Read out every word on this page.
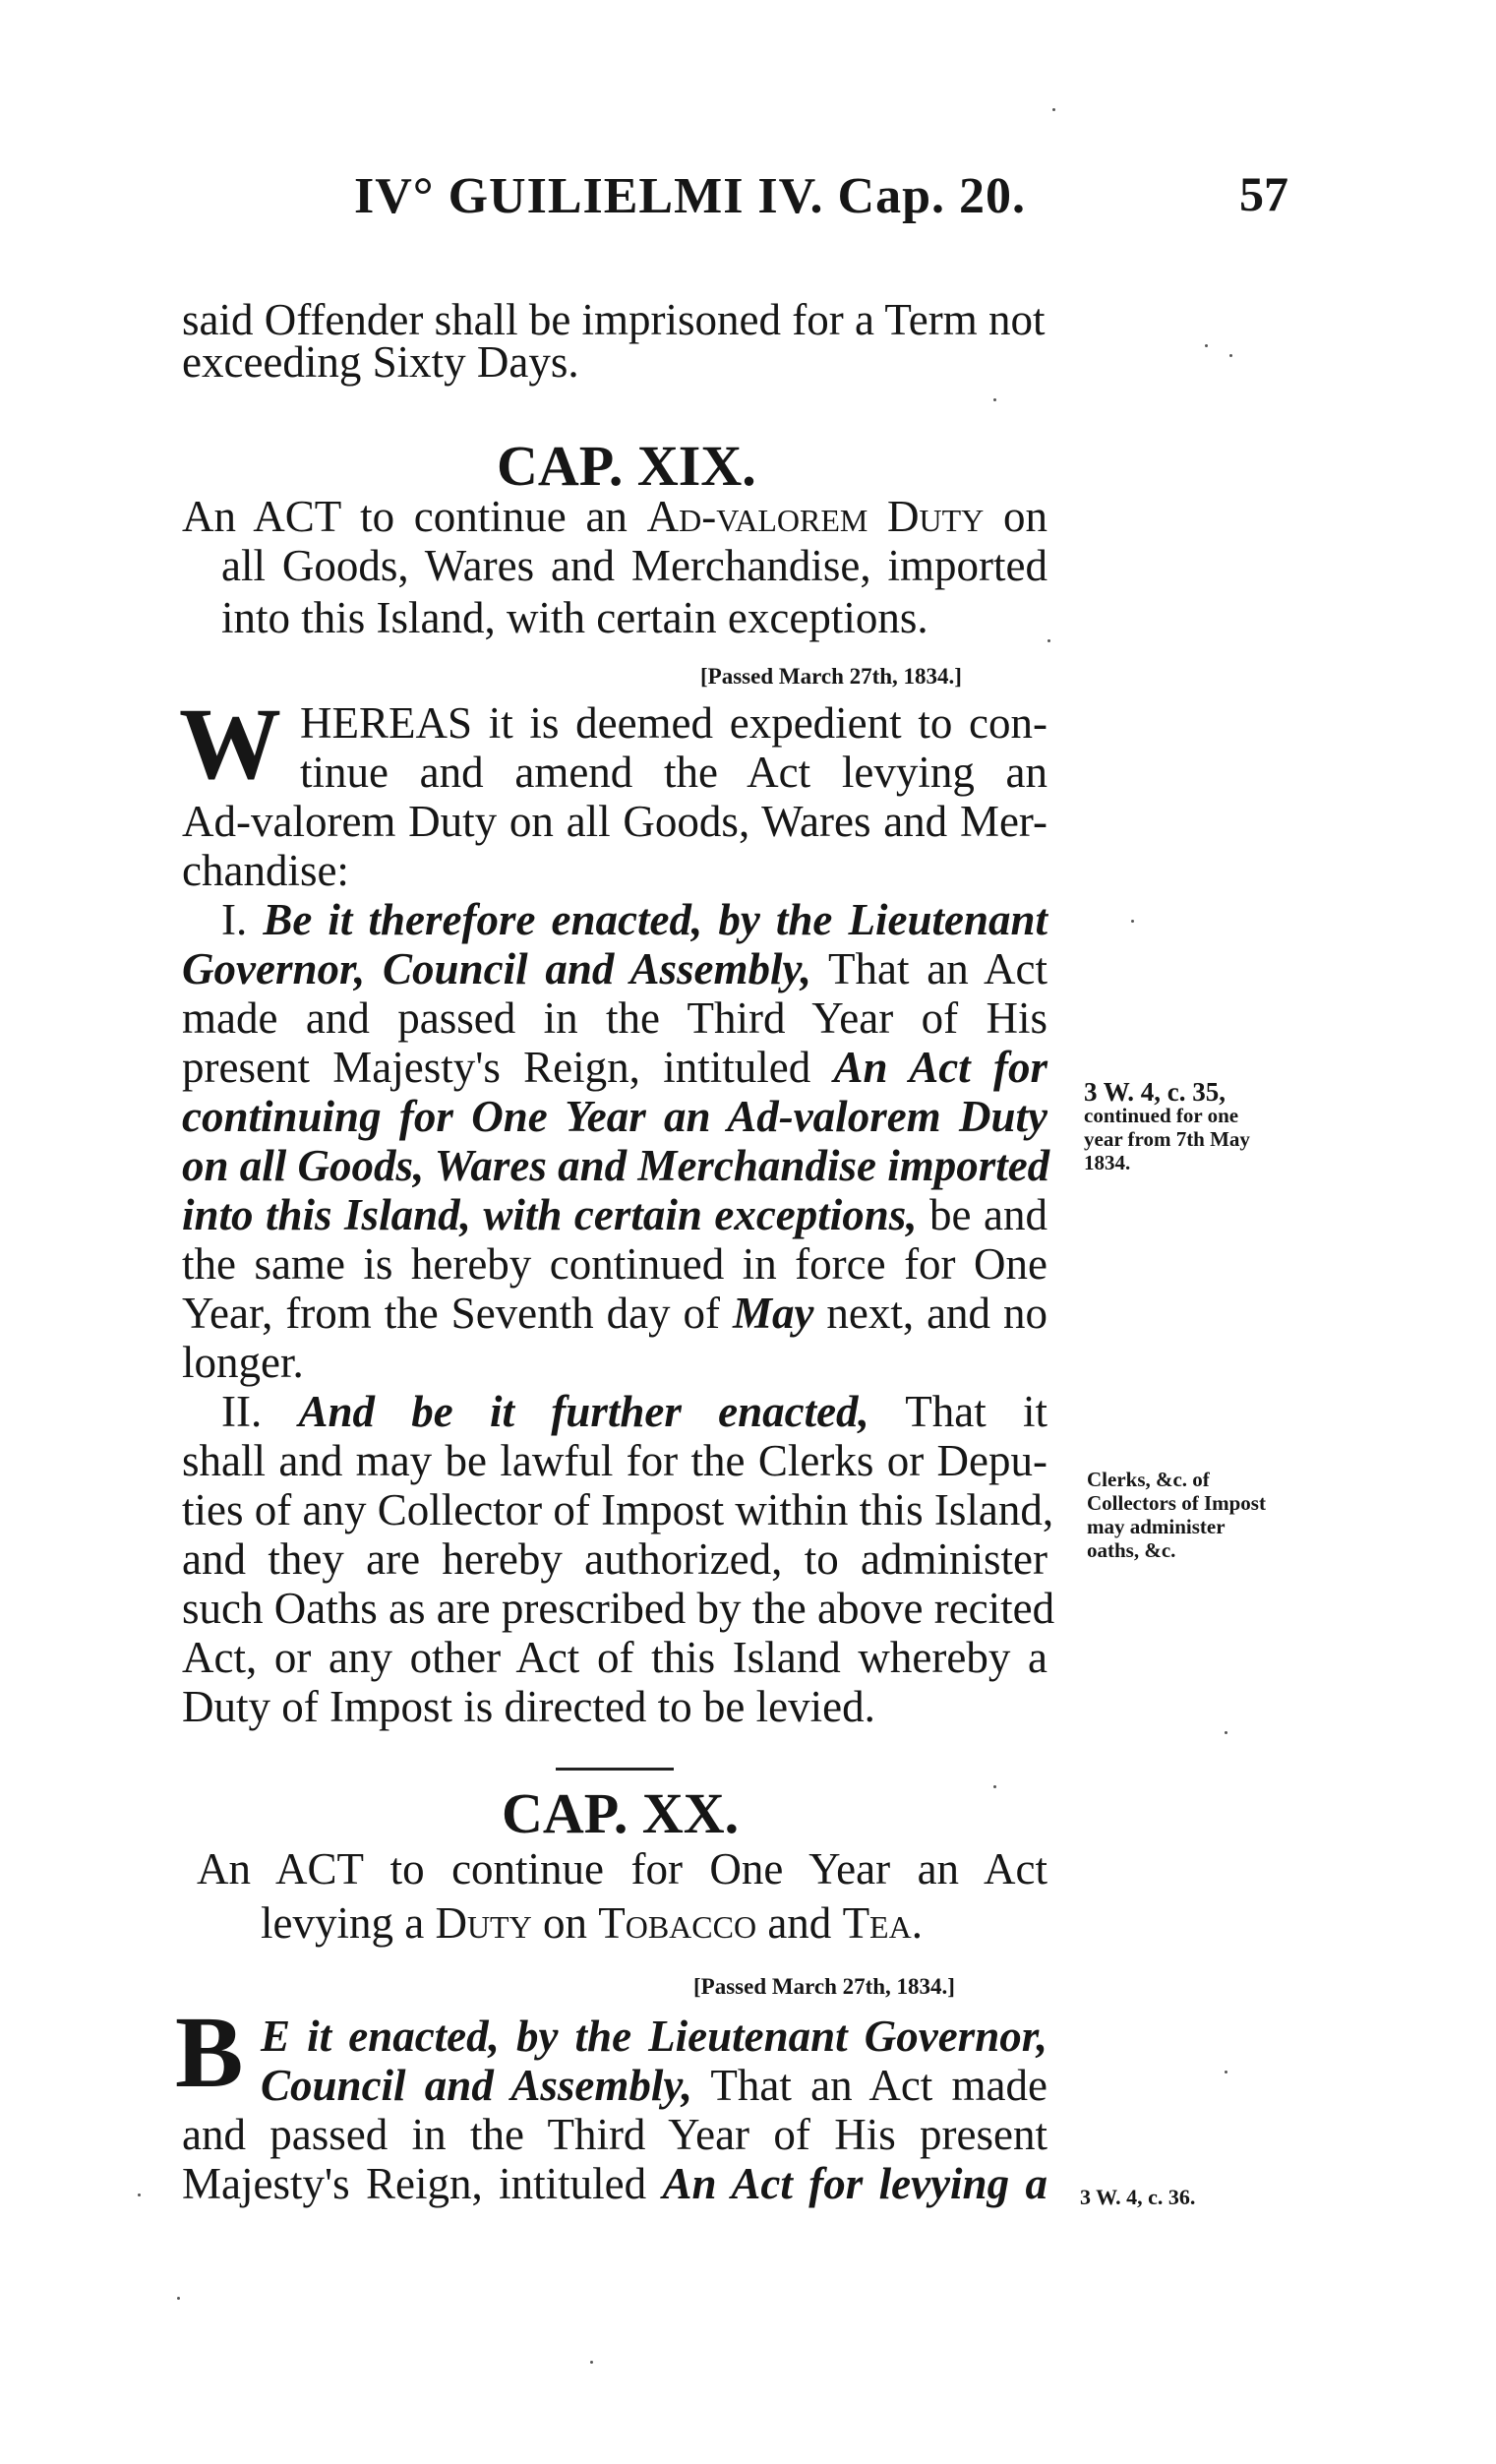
IV° GUILIELMI IV. Cap. 20.	57
said Offender shall be imprisoned for a Term not
exceeding Sixty Days.
CAP. XIX.
An ACT to continue an Ad-valorem Duty on
all Goods, Wares and Merchandise, imported
into this Island, with certain exceptions.
[Passed March 27th, 1834.]
W HEREAS it is deemed expedient to con-
tinue and amend the Act levying an
Ad-valorem Duty on all Goods, Wares and Mer-
chandise:
I. Be it therefore enacted, by the Lieutenant
Governor, Council and Assembly, That an Act
made and passed in the Third Year of His
present Majesty's Reign, intituled An Act for
continuing for One Year an Ad-valorem Duty
on all Goods, Wares and Merchandise imported
into this Island, with certain exceptions, be and
the same is hereby continued in force for One
Year, from the Seventh day of May next, and no
longer.
3 W. 4, c. 35,
continued for one
year from 7th May
1834.
II. And be it further enacted, That it
shall and may be lawful for the Clerks or Depu-
ties of any Collector of Impost within this Island,
and they are hereby authorized, to administer
such Oaths as are prescribed by the above recited
Act, or any other Act of this Island whereby a
Duty of Impost is directed to be levied.
Clerks, &c. of
Collectors of Impost
may administer
oaths, &c.
CAP. XX.
An ACT to continue for One Year an Act
levying a Duty on Tobacco and Tea.
[Passed March 27th, 1834.]
B E it enacted, by the Lieutenant Governor,
Council and Assembly, That an Act made
and passed in the Third Year of His present
Majesty's Reign, intituled An Act for levying a 3 W. 4, c. 36.
